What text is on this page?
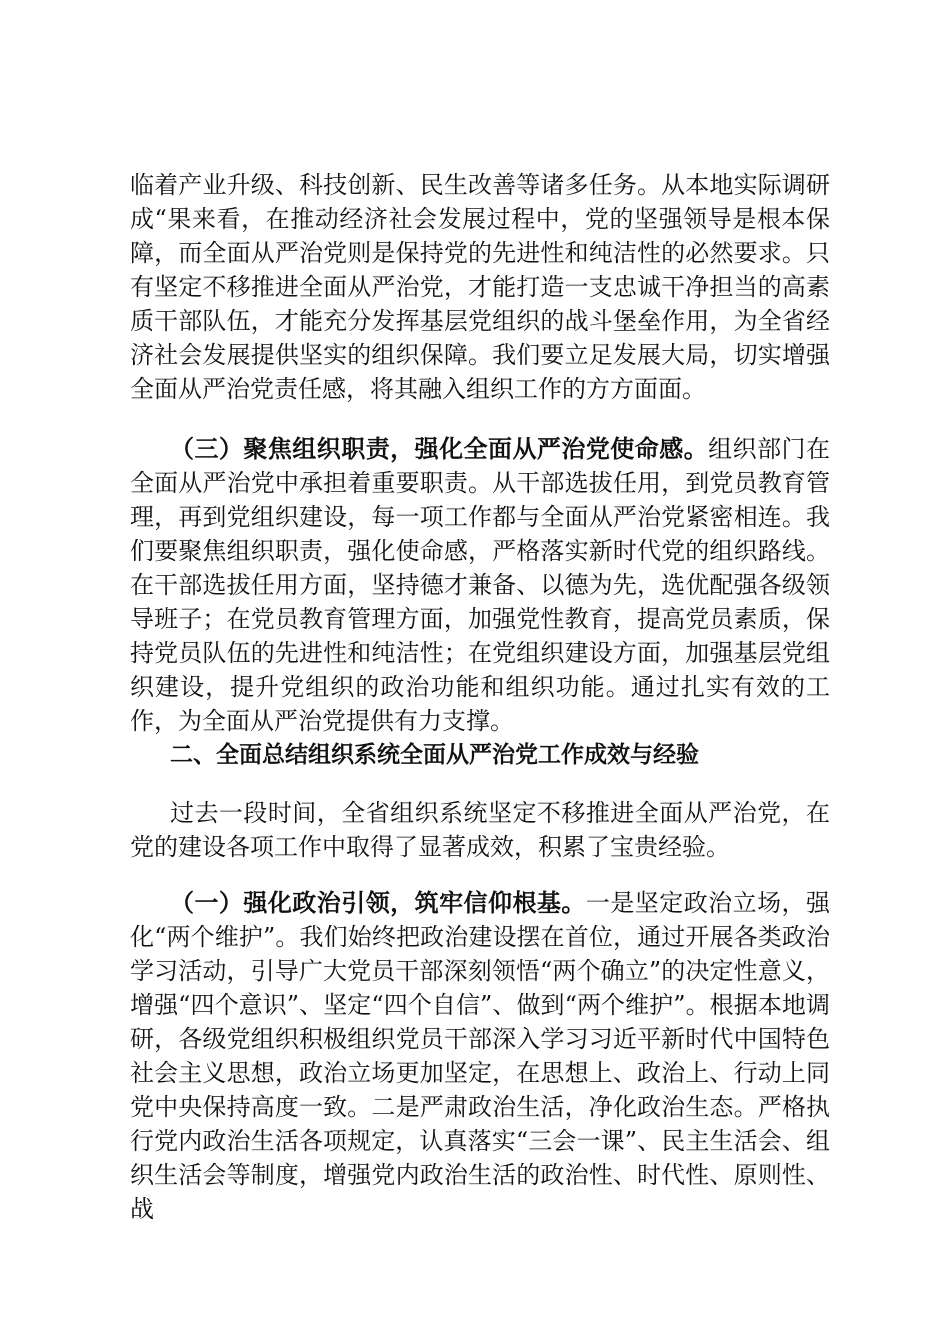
临着产业升级、科技创新、民生改善等诸多任务。从本地实际调研成“果来看，在推动经济社会发展过程中，党的坚强领导是根本保障，而全面从严治党则是保持党的先进性和纯洁性的必然要求。只有坚定不移推进全面从严治党，才能打造一支忠诚干净担当的高素质干部队伍，才能充分发挥基层党组织的战斗堡垒作用，为全省经济社会发展提供坚实的组织保障。我们要立足发展大局，切实增强全面从严治党责任感，将其融入组织工作的方方面面。

（三）聚焦组织职责，强化全面从严治党使命感。组织部门在全面从严治党中承担着重要职责。从干部选拔任用，到党员教育管理，再到党组织建设，每一项工作都与全面从严治党紧密相连。我们要聚焦组织职责，强化使命感，严格落实新时代党的组织路线。在干部选拔任用方面，坚持德才兼备、以德为先，选优配强各级领导班子；在党员教育管理方面，加强党性教育，提高党员素质，保持党员队伍的先进性和纯洁性；在党组织建设方面，加强基层党组织建设，提升党组织的政治功能和组织功能。通过扎实有效的工作，为全面从严治党提供有力支撑。

二、全面总结组织系统全面从严治党工作成效与经验

过去一段时间，全省组织系统坚定不移推进全面从严治党，在党的建设各项工作中取得了显著成效，积累了宝贵经验。

（一）强化政治引领，筑牢信仰根基。一是坚定政治立场，强化“两个维护”。我们始终把政治建设摆在首位，通过开展各类政治学习活动，引导广大党员干部深刻领悟“两个确立”的决定性意义，增强“四个意识”、坚定“四个自信”、做到“两个维护”。根据本地调研，各级党组织积极组织党员干部深入学习习近平新时代中国特色社会主义思想，政治立场更加坚定，在思想上、政治上、行动上同党中央保持高度一致。二是严肃政治生活，净化政治生态。严格执行党内政治生活各项规定，认真落实“三会一课”、民主生活会、组织生活会等制度，增强党内政治生活的政治性、时代性、原则性、战
